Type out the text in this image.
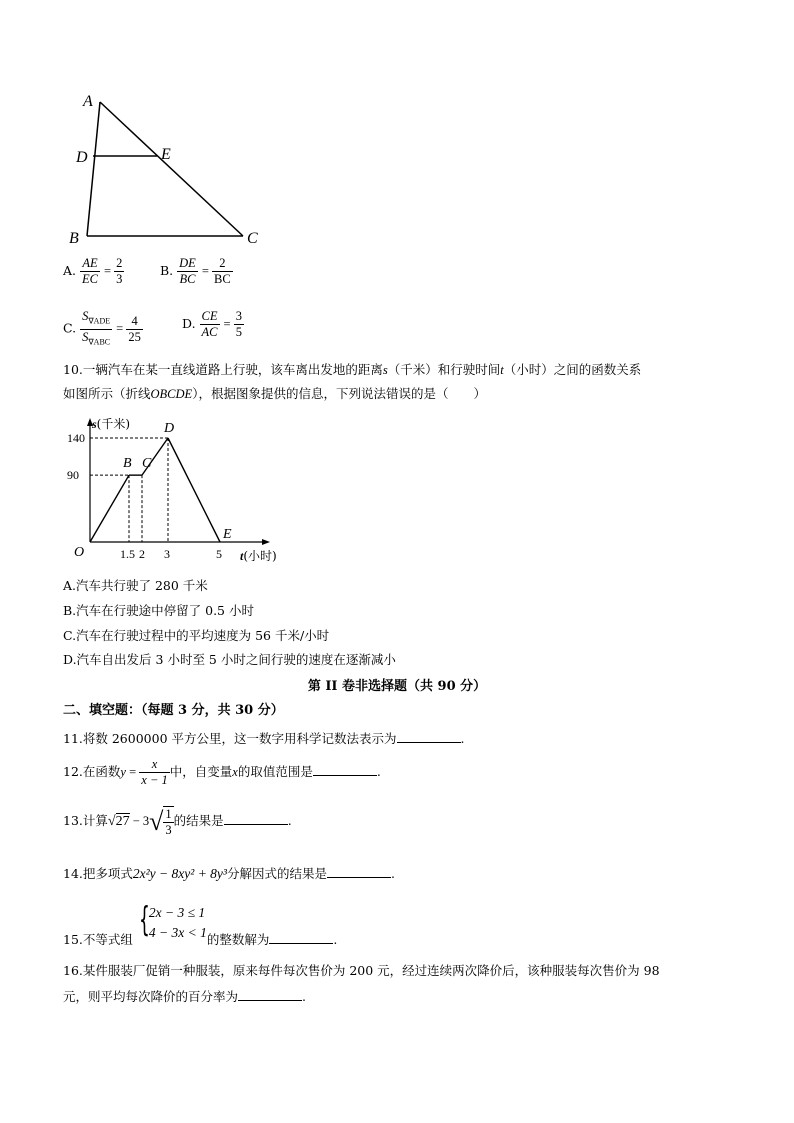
A
D	E
B	C
A. $\frac{AE}{EC} = \frac{2}{3}$	B. $\frac{DE}{BC} = \frac{2}{BC}$
C. $\frac{S_{\nabla ADE}}{S_{\nabla ABC}} = \frac{4}{25}$	D. $\frac{CE}{AC} = \frac{3}{5}$
10.一辆汽车在某一直线道路上行驶，该车离出发地的距离s（千米）和行驶时间t（小时）之间的函数关系
如图所示（折线OBCDE），根据图象提供的信息，下列说法错误的是（　　）
1.5 2 3	5
90
140
O
B C
D
E
s(千米)
t(小时)
A.汽车共行驶了 280 千米
B.汽车在行驶途中停留了 0.5 小时
C.汽车在行驶过程中的平均速度为 56 千米/小时
D.汽车自出发后 3 小时至 5 小时之间行驶的速度在逐渐减小
第 II 卷非选择题（共 90 分）
二、填空题：（每题 3 分，共 30 分）
11.将数 2600000 平方公里，这一数字用科学记数法表示为	.
12.在函数$y = \frac{x}{x - 1}$ 中，自变量x的取值范围是	.
13.计算$√27 - 3√ \frac{1}{3}$ 的结果是	.
14.把多项式2x²y − 8xy² + 8y³分解因式的结果是	.
15.不等式组 { 2x − 3 ≤ 1
4 − 3x < 1 的整数解为	.
16.某件服装厂促销一种服装，原来每件每次售价为 200 元，经过连续两次降价后，该种服装每次售价为 98
元，则平均每次降价的百分率为	.
